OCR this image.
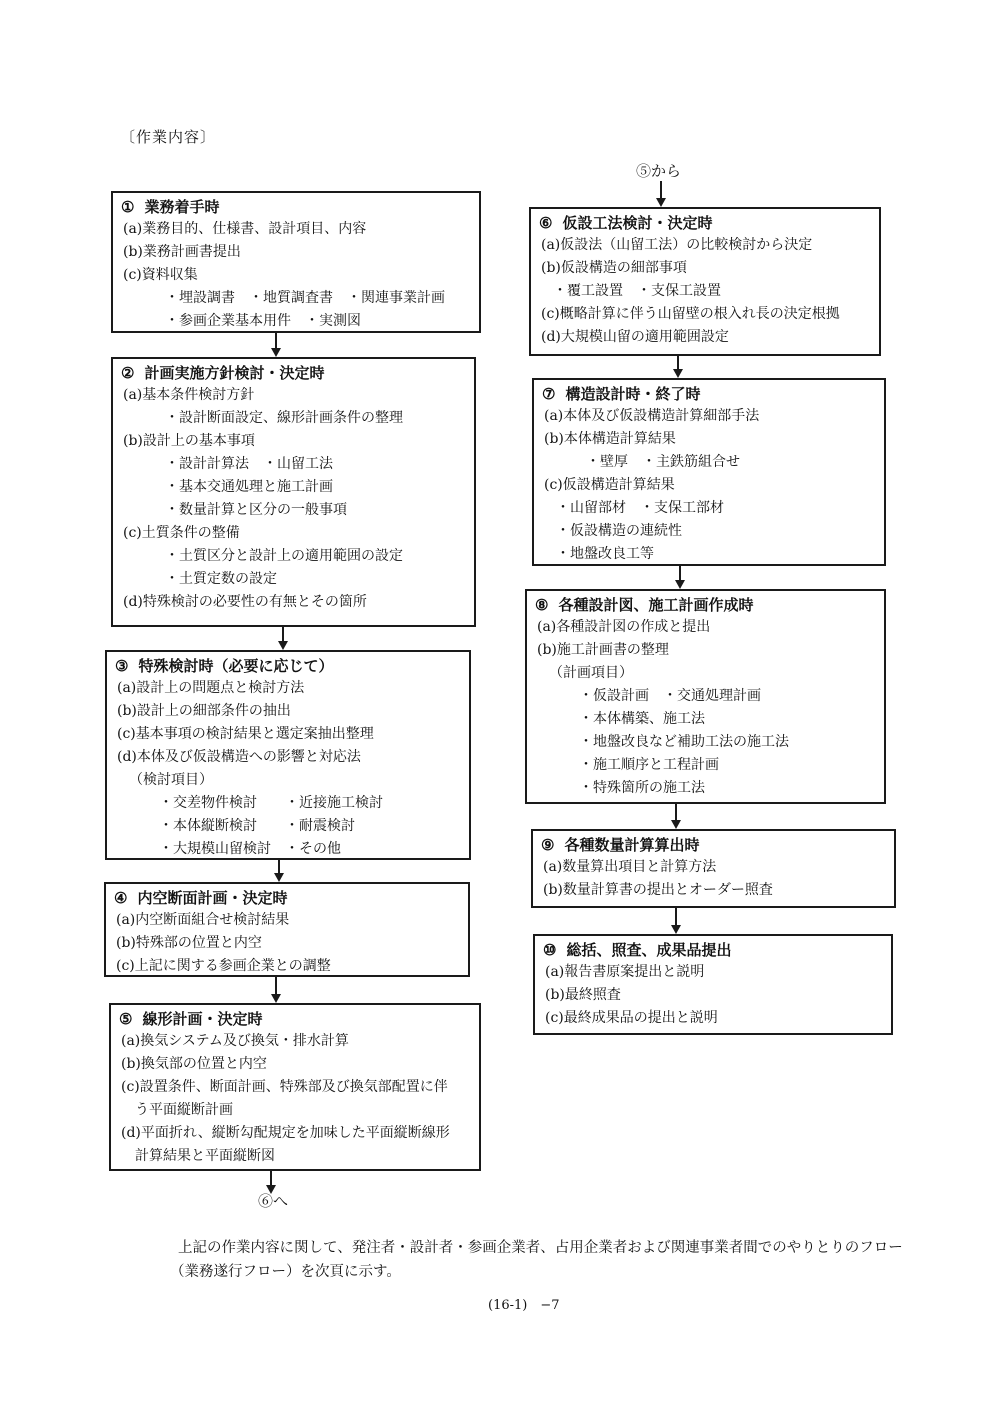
〔作業内容〕
① 業務着手時
(a)業務目的、仕様書、設計項目、内容
(b)業務計画書提出
(c)資料収集
・埋設調書　・地質調査書　・関連事業計画
・参画企業基本用件　・実測図
② 計画実施方針検討・決定時
(a)基本条件検討方針
・設計断面設定、線形計画条件の整理
(b)設計上の基本事項
・設計計算法　・山留工法
・基本交通処理と施工計画
・数量計算と区分の一般事項
(c)土質条件の整備
・土質区分と設計上の適用範囲の設定
・土質定数の設定
(d)特殊検討の必要性の有無とその箇所
③ 特殊検討時（必要に応じて）
(a)設計上の問題点と検討方法
(b)設計上の細部条件の抽出
(c)基本事項の検討結果と選定案抽出整理
(d)本体及び仮設構造への影響と対応法
（検討項目）
・交差物件検討　　・近接施工検討
・本体縦断検討　　・耐震検討
・大規模山留検討　・その他
④ 内空断面計画・決定時
(a)内空断面組合せ検討結果
(b)特殊部の位置と内空
(c)上記に関する参画企業との調整
⑤ 線形計画・決定時
(a)換気システム及び換気・排水計算
(b)換気部の位置と内空
(c)設置条件、断面計画、特殊部及び換気部配置に伴
う平面縦断計画
(d)平面折れ、縦断勾配規定を加味した平面縦断線形
計算結果と平面縦断図
⑥ 仮設工法検討・決定時
(a)仮設法（山留工法）の比較検討から決定
(b)仮設構造の細部事項
・覆工設置　・支保工設置
(c)概略計算に伴う山留壁の根入れ長の決定根拠
(d)大規模山留の適用範囲設定
⑦ 構造設計時・終了時
(a)本体及び仮設構造計算細部手法
(b)本体構造計算結果
・壁厚　・主鉄筋組合せ
(c)仮設構造計算結果
・山留部材　・支保工部材
・仮設構造の連続性
・地盤改良工等
⑧ 各種設計図、施工計画作成時
(a)各種設計図の作成と提出
(b)施工計画書の整理
（計画項目）
・仮設計画　・交通処理計画
・本体構築、施工法
・地盤改良など補助工法の施工法
・施工順序と工程計画
・特殊箇所の施工法
⑨ 各種数量計算算出時
(a)数量算出項目と計算方法
(b)数量計算書の提出とオーダー照査
⑩ 総括、照査、成果品提出
(a)報告書原案提出と説明
(b)最終照査
(c)最終成果品の提出と説明
⑥へ
⑤から
上記の作業内容に関して、発注者・設計者・参画企業者、占用企業者および関連事業者間でのやりとりのフロー
（業務遂行フロー）を次頁に示す。
(16-1)　−7
